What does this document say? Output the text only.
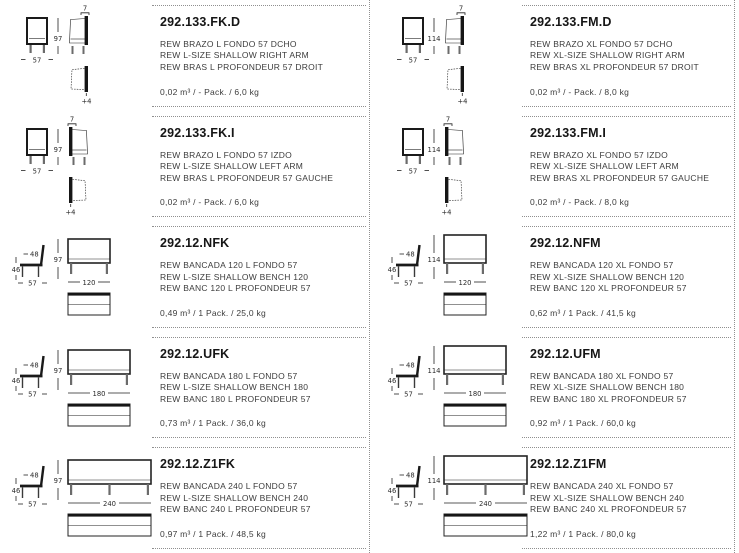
57
97
7
+4
292.133.FK.D

REW BRAZO L FONDO 57 DCHO

REW L-SIZE SHALLOW RIGHT ARM

REW BRAS L PROFONDEUR 57 DROIT

0,02 m³ / - Pack. / 6,0 kg

57
97
7
+4
292.133.FK.I

REW BRAZO L FONDO 57 IZDO

REW L-SIZE SHALLOW LEFT ARM

REW BRAS L PROFONDEUR 57 GAUCHE

0,02 m³ / - Pack. / 6,0 kg

48
46
57
97
120
292.12.NFK

REW BANCADA 120 L FONDO 57

REW L-SIZE SHALLOW BENCH 120

REW BANC 120 L PROFONDEUR 57

0,49 m³ / 1 Pack. / 25,0 kg

48
46
57
97
180
292.12.UFK

REW BANCADA 180 L FONDO 57

REW L-SIZE SHALLOW BENCH 180

REW BANC 180 L PROFONDEUR 57

0,73 m³ / 1 Pack. / 36,0 kg

48
46
57
97
240
292.12.Z1FK

REW BANCADA 240 L FONDO 57

REW L-SIZE SHALLOW BENCH 240

REW BANC 240 L PROFONDEUR 57

0,97 m³ / 1 Pack. / 48,5 kg

57
114
7
+4
292.133.FM.D

REW BRAZO XL FONDO 57 DCHO

REW XL-SIZE SHALLOW RIGHT ARM

REW BRAS XL PROFONDEUR 57 DROIT

0,02 m³ / - Pack. / 8,0 kg

57
114
7
+4
292.133.FM.I

REW BRAZO XL FONDO 57 IZDO

REW XL-SIZE SHALLOW LEFT ARM

REW BRAS XL PROFONDEUR 57 GAUCHE

0,02 m³ / - Pack. / 8,0 kg

48
46
57
114
120
292.12.NFM

REW BANCADA 120 XL FONDO 57

REW XL-SIZE SHALLOW BENCH 120

REW BANC 120 XL PROFONDEUR 57

0,62 m³ / 1 Pack. / 41,5 kg

48
46
57
114
180
292.12.UFM

REW BANCADA 180 XL FONDO 57

REW XL-SIZE SHALLOW BENCH 180

REW BANC 180 XL PROFONDEUR 57

0,92 m³ / 1 Pack. / 60,0 kg

48
46
57
114
240
292.12.Z1FM

REW BANCADA 240 XL FONDO 57

REW XL-SIZE SHALLOW BENCH 240

REW BANC 240 XL PROFONDEUR 57

1,22 m³ / 1 Pack. / 80,0 kg
